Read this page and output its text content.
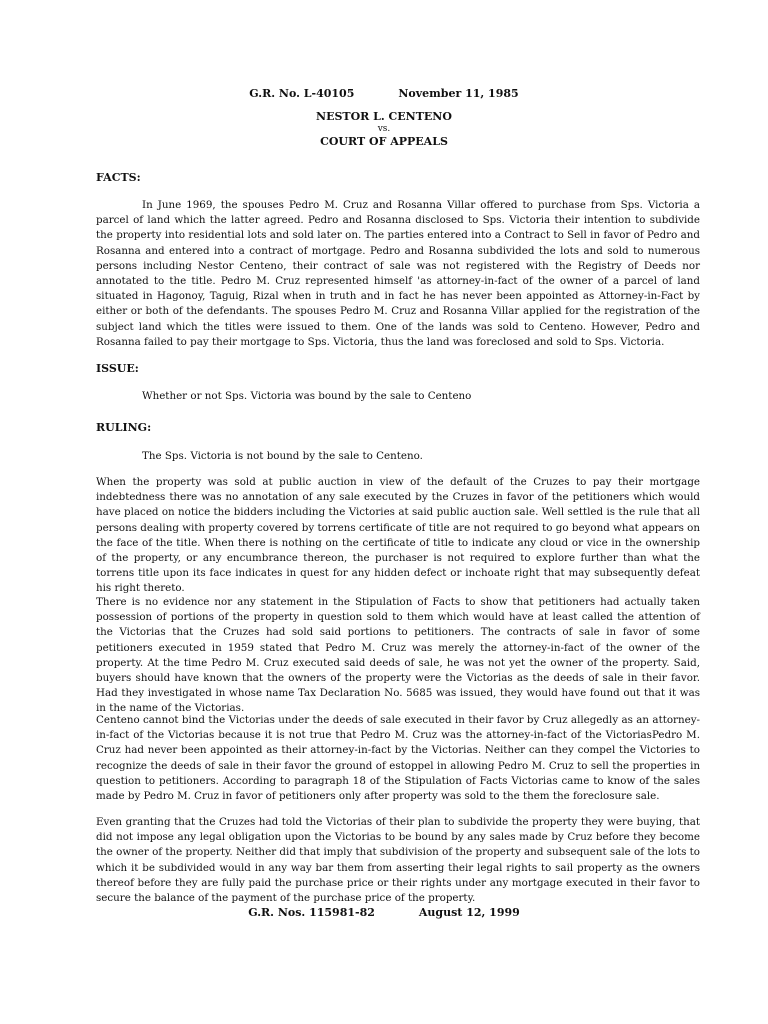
G.R. No. L-40105	November 11, 1985
NESTOR L. CENTENO
vs.
COURT OF APPEALS
FACTS:

In June 1969, the spouses Pedro M. Cruz and Rosanna Villar offered to purchase from Sps. Victoria a parcel of land which the latter agreed. Pedro and Rosanna disclosed to Sps. Victoria their intention to subdivide the property into residential lots and sold later on. The parties entered into a Contract to Sell in favor of Pedro and Rosanna and entered into a contract of mortgage. Pedro and Rosanna subdivided the lots and sold to numerous persons including Nestor Centeno, their contract of sale was not registered with the Registry of Deeds nor annotated to the title. Pedro M. Cruz represented himself 'as attorney-in-fact of the owner of a parcel of land situated in Hagonoy, Taguig, Rizal when in truth and in fact he has never been appointed as Attorney-in-Fact by either or both of the defendants. The spouses Pedro M. Cruz and Rosanna Villar applied for the registration of the subject land which the titles were issued to them. One of the lands was sold to Centeno. However, Pedro and Rosanna failed to pay their mortgage to Sps. Victoria, thus the land was foreclosed and sold to Sps. Victoria.

ISSUE:
Whether or not Sps. Victoria was bound by the sale to Centeno
RULING:
The Sps. Victoria is not bound by the sale to Centeno.

When the property was sold at public auction in view of the default of the Cruzes to pay their mortgage indebtedness there was no annotation of any sale executed by the Cruzes in favor of the petitioners which would have placed on notice the bidders including the Victories at said public auction sale. Well settled is the rule that all persons dealing with property covered by torrens certificate of title are not required to go beyond what appears on the face of the title. When there is nothing on the certificate of title to indicate any cloud or vice in the ownership of the property, or any encumbrance thereon, the purchaser is not required to explore further than what the torrens title upon its face indicates in quest for any hidden defect or inchoate right that may subsequently defeat his right thereto.

There is no evidence nor any statement in the Stipulation of Facts to show that petitioners had actually taken possession of portions of the property in question sold to them which would have at least called the attention of the Victorias that the Cruzes had sold said portions to petitioners. The contracts of sale in favor of some petitioners executed in 1959 stated that Pedro M. Cruz was merely the attorney-in-fact of the owner of the property. At the time Pedro M. Cruz executed said deeds of sale, he was not yet the owner of the property. Said, buyers should have known that the owners of the property were the Victorias as the deeds of sale in their favor. Had they investigated in whose name Tax Declaration No. 5685 was issued, they would have found out that it was in the name of the Victorias.

Centeno cannot bind the Victorias under the deeds of sale executed in their favor by Cruz allegedly as an attorney-in-fact of the Victorias because it is not true that Pedro M. Cruz was the attorney-in-fact of the VictoriasPedro M. Cruz had never been appointed as their attorney-in-fact by the Victorias. Neither can they compel the Victories to recognize the deeds of sale in their favor the ground of estoppel in allowing Pedro M. Cruz to sell the properties in question to petitioners. According to paragraph 18 of the Stipulation of Facts Victorias came to know of the sales made by Pedro M. Cruz in favor of petitioners only after property was sold to the them the foreclosure sale.

Even granting that the Cruzes had told the Victorias of their plan to subdivide the property they were buying, that did not impose any legal obligation upon the Victorias to be bound by any sales made by Cruz before they become the owner of the property. Neither did that imply that subdivision of the property and subsequent sale of the lots to which it be subdivided would in any way bar them from asserting their legal rights to sail property as the owners thereof before they are fully paid the purchase price or their rights under any mortgage executed in their favor to secure the balance of the payment of the purchase price of the property.

G.R. Nos. 115981-82	August 12, 1999
